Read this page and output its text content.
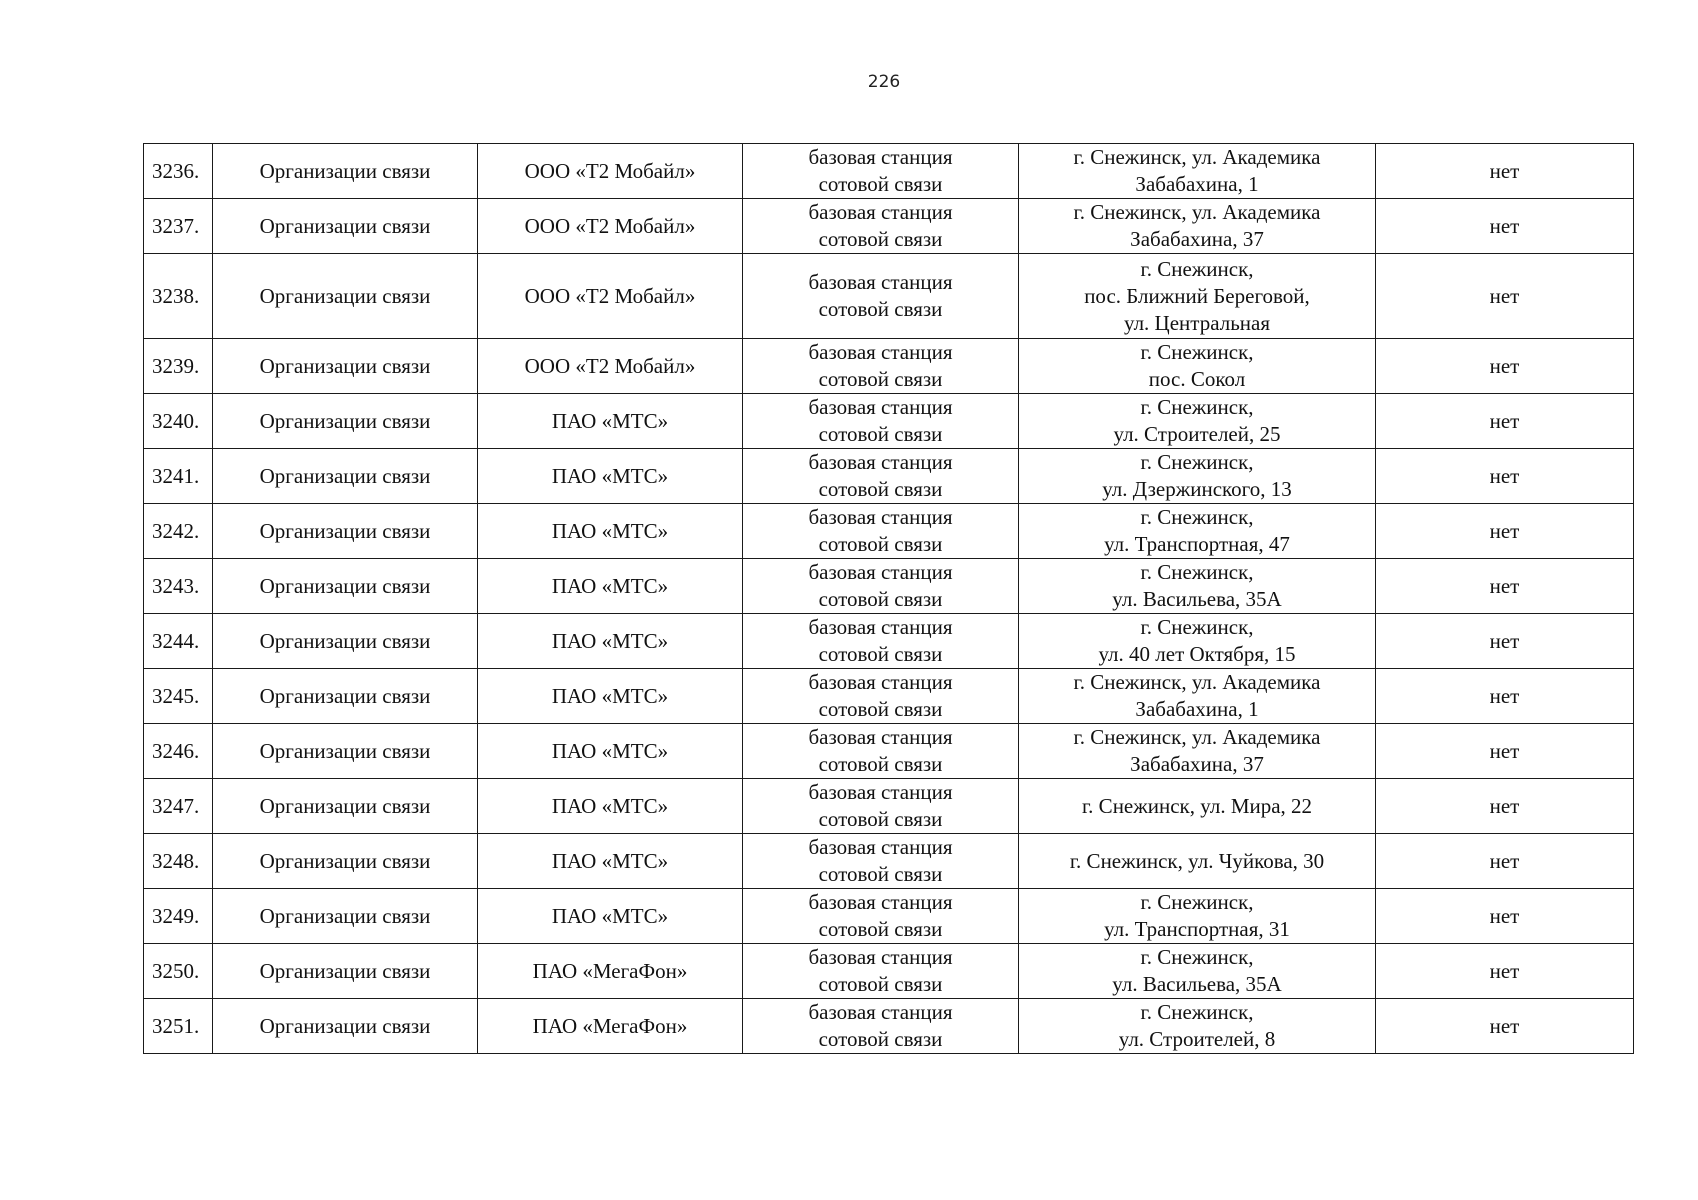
226
3236.	Организации связи	ООО «Т2 Мобайл»	базовая станция
сотовой связи	г. Снежинск, ул. Академика
Забабахина, 1	нет
3237.	Организации связи	ООО «Т2 Мобайл»	базовая станция
сотовой связи	г. Снежинск, ул. Академика
Забабахина, 37	нет
3238.	Организации связи	ООО «Т2 Мобайл»	базовая станция
сотовой связи	г. Снежинск,
пос. Ближний Береговой,
ул. Центральная	нет
3239.	Организации связи	ООО «Т2 Мобайл»	базовая станция
сотовой связи	г. Снежинск,
пос. Сокол	нет
3240.	Организации связи	ПАО «МТС»	базовая станция
сотовой связи	г. Снежинск,
ул. Строителей, 25	нет
3241.	Организации связи	ПАО «МТС»	базовая станция
сотовой связи	г. Снежинск,
ул. Дзержинского, 13	нет
3242.	Организации связи	ПАО «МТС»	базовая станция
сотовой связи	г. Снежинск,
ул. Транспортная, 47	нет
3243.	Организации связи	ПАО «МТС»	базовая станция
сотовой связи	г. Снежинск,
ул. Васильева, 35А	нет
3244.	Организации связи	ПАО «МТС»	базовая станция
сотовой связи	г. Снежинск,
ул. 40 лет Октября, 15	нет
3245.	Организации связи	ПАО «МТС»	базовая станция
сотовой связи	г. Снежинск, ул. Академика
Забабахина, 1	нет
3246.	Организации связи	ПАО «МТС»	базовая станция
сотовой связи	г. Снежинск, ул. Академика
Забабахина, 37	нет
3247.	Организации связи	ПАО «МТС»	базовая станция
сотовой связи	г. Снежинск, ул. Мира, 22	нет
3248.	Организации связи	ПАО «МТС»	базовая станция
сотовой связи	г. Снежинск, ул. Чуйкова, 30	нет
3249.	Организации связи	ПАО «МТС»	базовая станция
сотовой связи	г. Снежинск,
ул. Транспортная, 31	нет
3250.	Организации связи	ПАО «МегаФон»	базовая станция
сотовой связи	г. Снежинск,
ул. Васильева, 35А	нет
3251.	Организации связи	ПАО «МегаФон»	базовая станция
сотовой связи	г. Снежинск,
ул. Строителей, 8	нет
